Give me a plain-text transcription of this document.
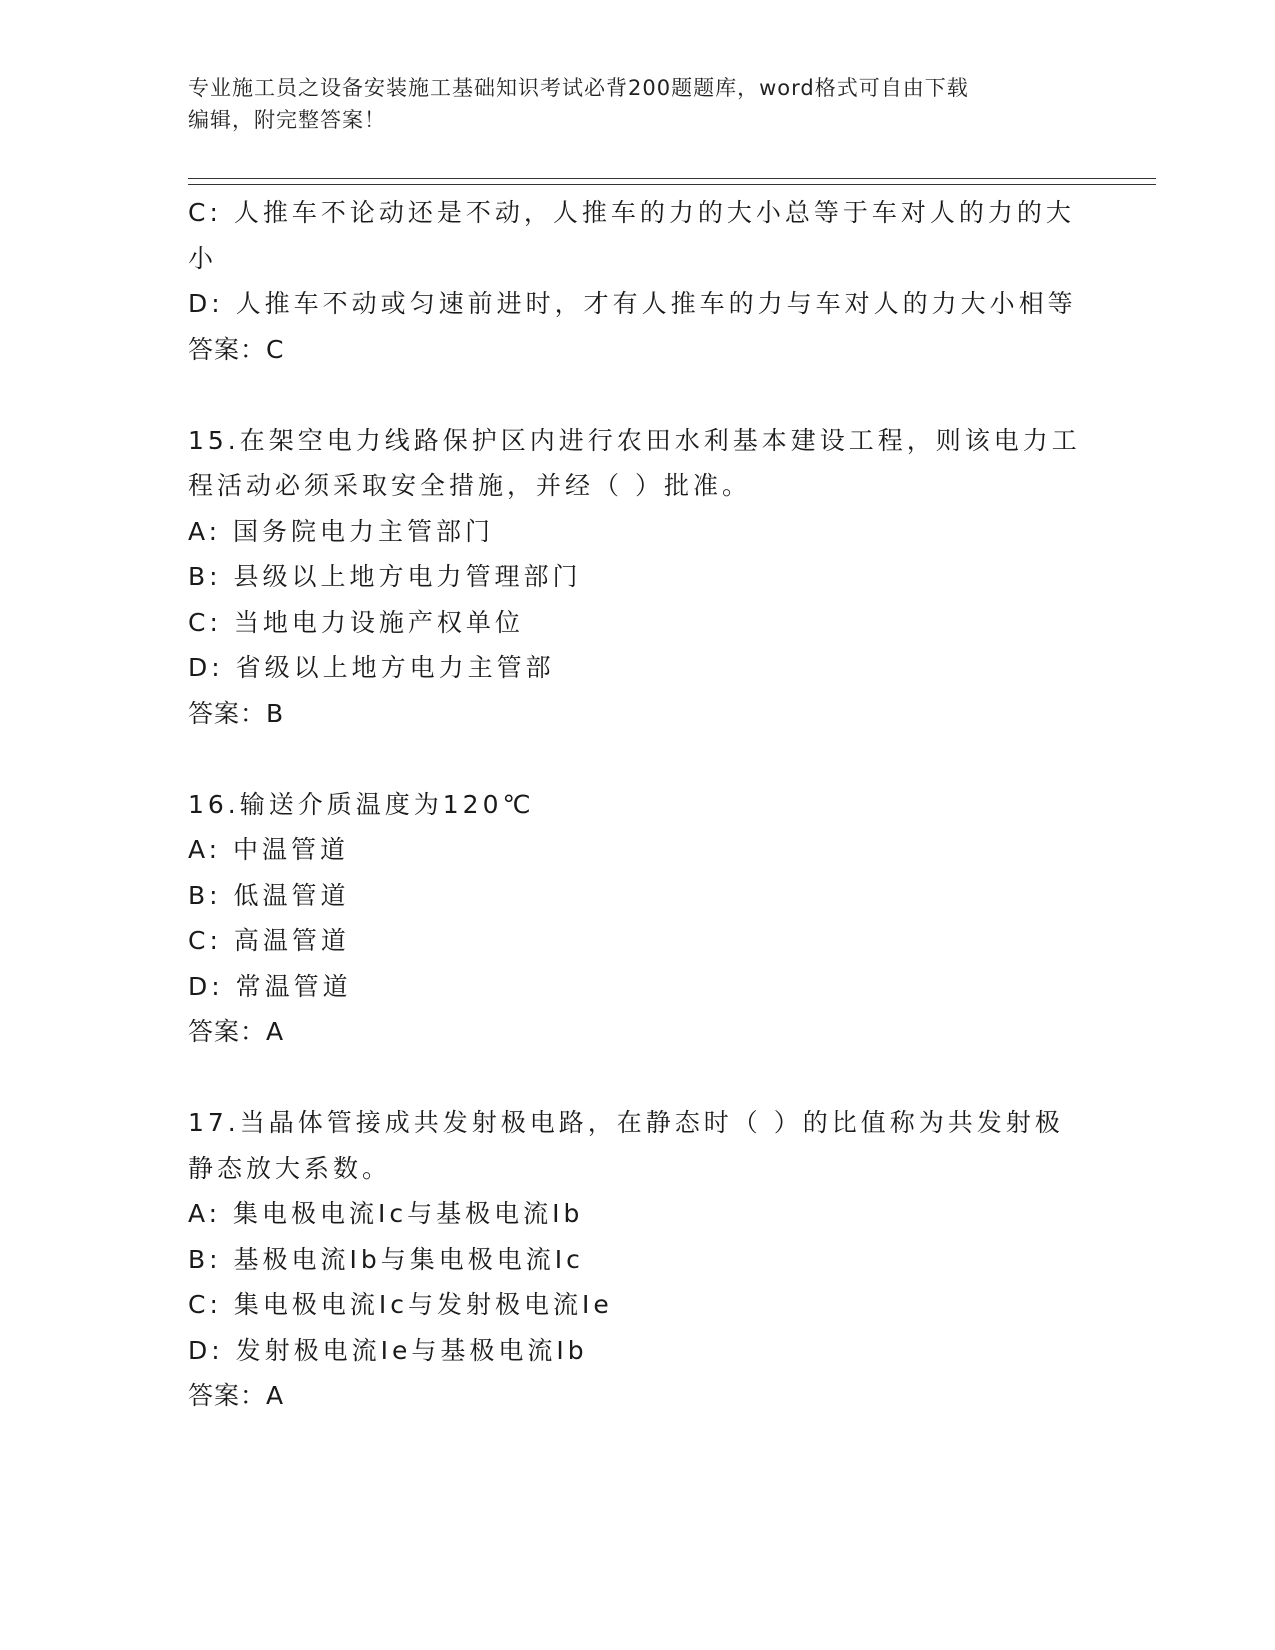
专业施工员之设备安装施工基础知识考试必背200题题库，word格式可自由下载
编辑，附完整答案！

C: 人推车不论动还是不动，人推车的力的大小总等于车对人的力的大

小

D: 人推车不动或匀速前进时，才有人推车的力与车对人的力大小相等

答案：C

15.在架空电力线路保护区内进行农田水利基本建设工程，则该电力工

程活动必须采取安全措施，并经（ ）批准。

A: 国务院电力主管部门

B: 县级以上地方电力管理部门

C: 当地电力设施产权单位

D: 省级以上地方电力主管部

答案：B

16.输送介质温度为120℃

A: 中温管道

B: 低温管道

C: 高温管道

D: 常温管道

答案：A

17.当晶体管接成共发射极电路，在静态时（ ）的比值称为共发射极

静态放大系数。

A: 集电极电流Ic与基极电流Ib

B: 基极电流Ib与集电极电流Ic

C: 集电极电流Ic与发射极电流Ie

D: 发射极电流Ie与基极电流Ib

答案：A
